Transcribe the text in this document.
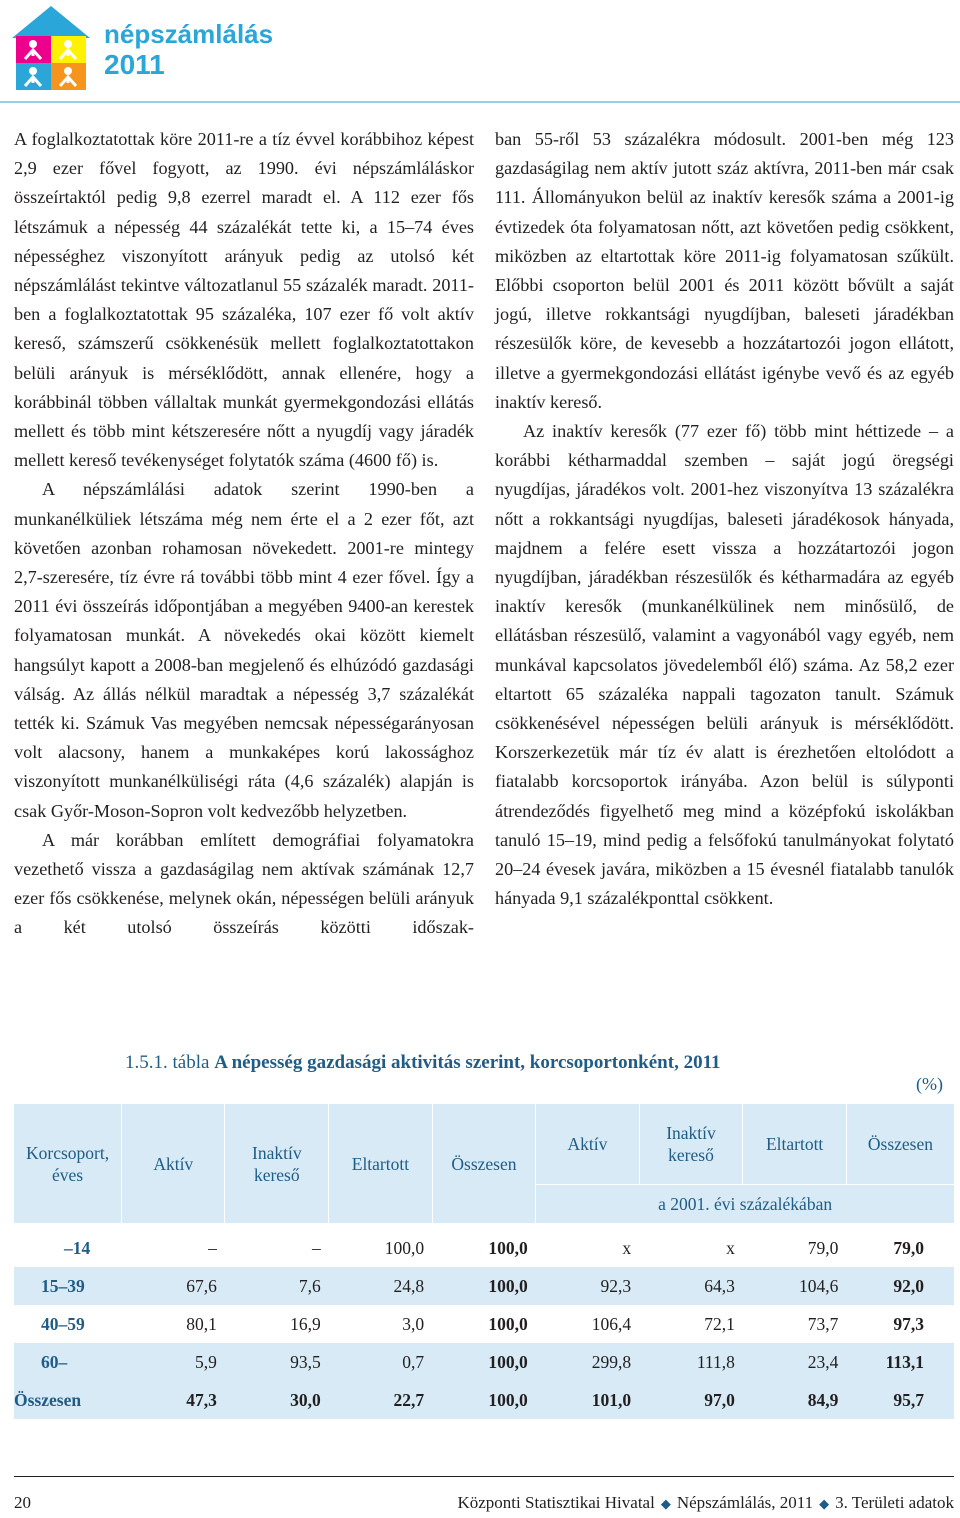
népszámlálás
2011

A foglalkoztatottak köre 2011-re a tíz évvel korábbihoz képest 2,9 ezer fővel fogyott, az 1990. évi népszámláláskor összeírtaktól pedig 9,8 ezerrel maradt el. A 112 ezer fős létszámuk a népesség 44 százalékát tette ki, a 15–74 éves népességhez viszonyított arányuk pedig az utolsó két népszámlálást tekintve változatlanul 55 százalék maradt. 2011-ben a foglalkoztatottak 95 százaléka, 107 ezer fő volt aktív kereső, számszerű csökkenésük mellett foglalkoztatottakon belüli arányuk is mérséklődött, annak ellenére, hogy a korábbinál többen vállaltak munkát gyermekgondozási ellátás mellett és több mint kétszeresére nőtt a nyugdíj vagy járadék mellett kereső tevékenységet folytatók száma (4600 fő) is.

A népszámlálási adatok szerint 1990-ben a munkanélküliek létszáma még nem érte el a 2 ezer főt, azt követően azonban rohamosan növekedett. 2001-re mintegy 2,7-szeresére, tíz évre rá további több mint 4 ezer fővel. Így a 2011 évi összeírás időpontjában a megyében 9400-an kerestek folyamatosan munkát. A növekedés okai között kiemelt hangsúlyt kapott a 2008-ban megjelenő és elhúzódó gazdasági válság. Az állás nélkül maradtak a népesség 3,7 százalékát tették ki. Számuk Vas megyében nemcsak népességarányosan volt alacsony, hanem a munkaképes korú lakossághoz viszonyított munkanélküliségi ráta (4,6 százalék) alapján is csak Győr-Moson-Sopron volt kedvezőbb helyzetben.

A már korábban említett demográfiai folyamatokra vezethető vissza a gazdaságilag nem aktívak számának 12,7 ezer fős csökkenése, melynek okán, népességen belüli arányuk a két utolsó összeírás közötti időszak-

ban 55-ről 53 százalékra módosult. 2001-ben még 123 gazdaságilag nem aktív jutott száz aktívra, 2011-ben már csak 111. Állományukon belül az inaktív keresők száma a 2001-ig évtizedek óta folyamatosan nőtt, azt követően pedig csökkent, miközben az eltartottak köre 2011-ig folyamatosan szűkült. Előbbi csoporton belül 2001 és 2011 között bővült a saját jogú, illetve rokkantsági nyugdíjban, baleseti járadékban részesülők köre, de kevesebb a hozzátartozói jogon ellátott, illetve a gyermekgondozási ellátást igénybe vevő és az egyéb inaktív kereső.

Az inaktív keresők (77 ezer fő) több mint héttizede – a korábbi kétharmaddal szemben – saját jogú öregségi nyugdíjas, járadékos volt. 2001-hez viszonyítva 13 százalékra nőtt a rokkantsági nyugdíjas, baleseti járadékosok hányada, majdnem a felére esett vissza a hozzátartozói jogon nyugdíjban, járadékban részesülők és kétharmadára az egyéb inaktív keresők (munkanélkülinek nem minősülő, de ellátásban részesülő, valamint a vagyonából vagy egyéb, nem munkával kapcsolatos jövedelemből élő) száma. Az 58,2 ezer eltartott 65 százaléka nappali tagozaton tanult. Számuk csökkenésével népességen belüli arányuk is mérséklődött. Korszerkezetük már tíz év alatt is érezhetően eltolódott a fiatalabb korcsoportok irányába. Azon belül is súlyponti átrendeződés figyelhető meg mind a középfokú iskolákban tanuló 15–19, mind pedig a felsőfokú tanulmányokat folytató 20–24 évesek javára, miközben a 15 évesnél fiatalabb tanulók hányada 9,1 százalékponttal csökkent.

1.5.1. tábla A népesség gazdasági aktivitás szerint, korcsoportonként, 2011
(%)
Korcsoport, éves	Aktív	Inaktív kereső	Eltartott	Összesen	Aktív	Inaktív kereső	Eltartott	Összesen
					a 2001. évi százalékában			

–14	–	–	100,0	100,0	x	x	79,0	79,0
15–39	67,6	7,6	24,8	100,0	92,3	64,3	104,6	92,0
40–59	80,1	16,9	3,0	100,0	106,4	72,1	73,7	97,3
60–	5,9	93,5	0,7	100,0	299,8	111,8	23,4	113,1
Összesen	47,3	30,0	22,7	100,0	101,0	97,0	84,9	95,7
20	Központi Statisztikai Hivatal ◆ Népszámlálás, 2011 ◆ 3. Területi adatok
